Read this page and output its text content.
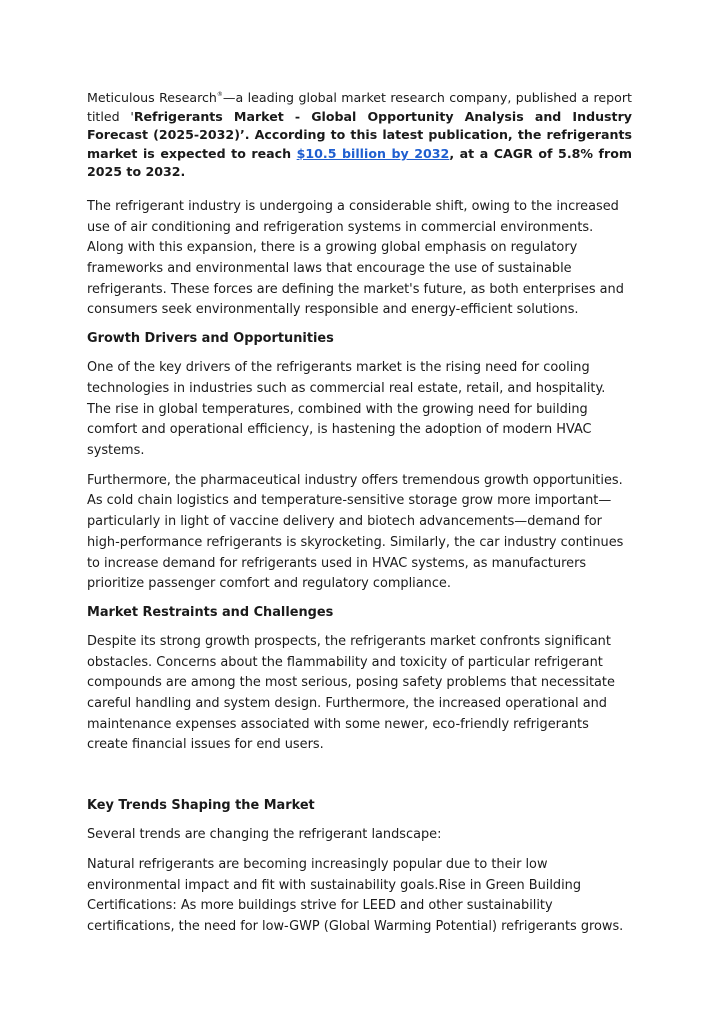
Meticulous Research®—a leading global market research company, published a report titled 'Refrigerants Market - Global Opportunity Analysis and Industry Forecast (2025-2032)’. According to this latest publication, the refrigerants market is expected to reach $10.5 billion by 2032, at a CAGR of 5.8% from 2025 to 2032.

The refrigerant industry is undergoing a considerable shift, owing to the increased use of air conditioning and refrigeration systems in commercial environments. Along with this expansion, there is a growing global emphasis on regulatory frameworks and environmental laws that encourage the use of sustainable refrigerants. These forces are defining the market's future, as both enterprises and consumers seek environmentally responsible and energy-efficient solutions.

Growth Drivers and Opportunities

One of the key drivers of the refrigerants market is the rising need for cooling technologies in industries such as commercial real estate, retail, and hospitality. The rise in global temperatures, combined with the growing need for building comfort and operational efficiency, is hastening the adoption of modern HVAC systems.

Furthermore, the pharmaceutical industry offers tremendous growth opportunities. As cold chain logistics and temperature-sensitive storage grow more important—particularly in light of vaccine delivery and biotech advancements—demand for high-performance refrigerants is skyrocketing. Similarly, the car industry continues to increase demand for refrigerants used in HVAC systems, as manufacturers prioritize passenger comfort and regulatory compliance.

Market Restraints and Challenges

Despite its strong growth prospects, the refrigerants market confronts significant obstacles. Concerns about the flammability and toxicity of particular refrigerant compounds are among the most serious, posing safety problems that necessitate careful handling and system design. Furthermore, the increased operational and maintenance expenses associated with some newer, eco-friendly refrigerants create financial issues for end users.

Key Trends Shaping the Market

Several trends are changing the refrigerant landscape:

Natural refrigerants are becoming increasingly popular due to their low environmental impact and fit with sustainability goals.Rise in Green Building Certifications: As more buildings strive for LEED and other sustainability certifications, the need for low-GWP (Global Warming Potential) refrigerants grows.
